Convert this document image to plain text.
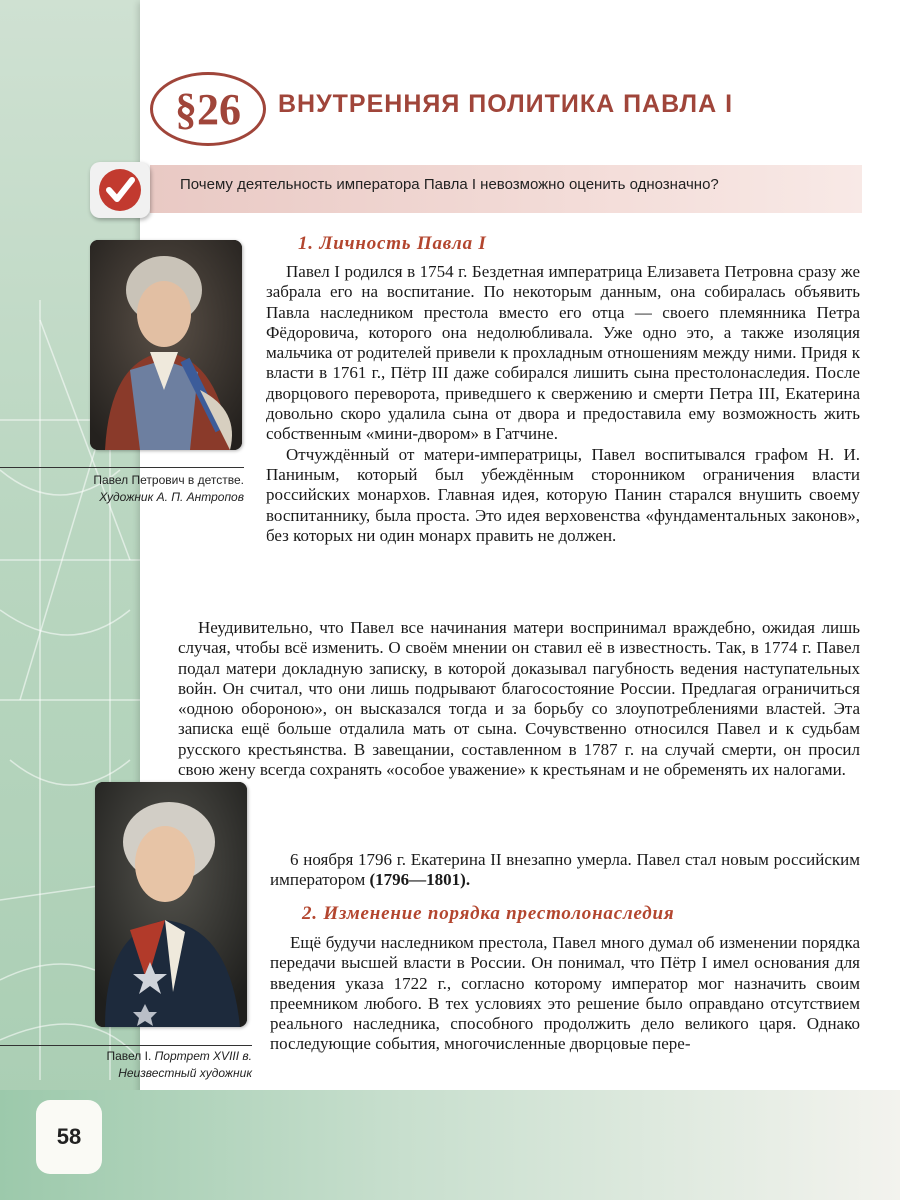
§26	ВНУТРЕННЯЯ ПОЛИТИКА ПАВЛА I
Почему деятельность императора Павла I невозможно оценить однозначно?
Павел Петрович в детстве.
Художник А. П. Антропов
Павел I. Портрет XVIII в.
Неизвестный художник
1. Личность Павла I

Павел I родился в 1754 г. Бездетная императрица Елизавета Петровна сразу же забрала его на воспитание. По некоторым данным, она собиралась объявить Павла наследником престола вместо его отца — своего племянника Петра Фёдоровича, которого она недолюбливала. Уже одно это, а также изоляция мальчика от родителей привели к прохладным отношениям между ними. Придя к власти в 1761 г., Пётр III даже собирался лишить сына престолонаследия. После дворцового переворота, приведшего к свержению и смерти Петра III, Екатерина довольно скоро удалила сына от двора и предоставила ему возможность жить собственным «мини-двором» в Гатчине.

Отчуждённый от матери-императрицы, Павел воспитывался графом Н. И. Паниным, который был убеждённым сторонником ограничения власти российских монархов. Главная идея, которую Панин старался внушить своему воспитаннику, была проста. Это идея верховенства «фундаментальных законов», без которых ни один монарх править не должен.

Неудивительно, что Павел все начинания матери воспринимал враждебно, ожидая лишь случая, чтобы всё изменить. О своём мнении он ставил её в известность. Так, в 1774 г. Павел подал матери докладную записку, в которой доказывал пагубность ведения наступательных войн. Он считал, что они лишь подрывают благосостояние России. Предлагая ограничиться «одною обороною», он высказался тогда и за борьбу со злоупотреблениями властей. Эта записка ещё больше отдалила мать от сына. Сочувственно относился Павел и к судьбам русского крестьянства. В завещании, составленном в 1787 г. на случай смерти, он просил свою жену всегда сохранять «особое уважение» к крестьянам и не обременять их налогами.

6 ноября 1796 г. Екатерина II внезапно умерла. Павел стал новым российским императором (1796—1801).

2. Изменение порядка престолонаследия

Ещё будучи наследником престола, Павел много думал об изменении порядка передачи высшей власти в России. Он понимал, что Пётр I имел основания для введения указа 1722 г., согласно которому император мог назначить своим преемником любого. В тех условиях это решение было оправдано отсутствием реального наследника, способного продолжить дело великого царя. Однако последующие события, многочисленные дворцовые пере-

58
